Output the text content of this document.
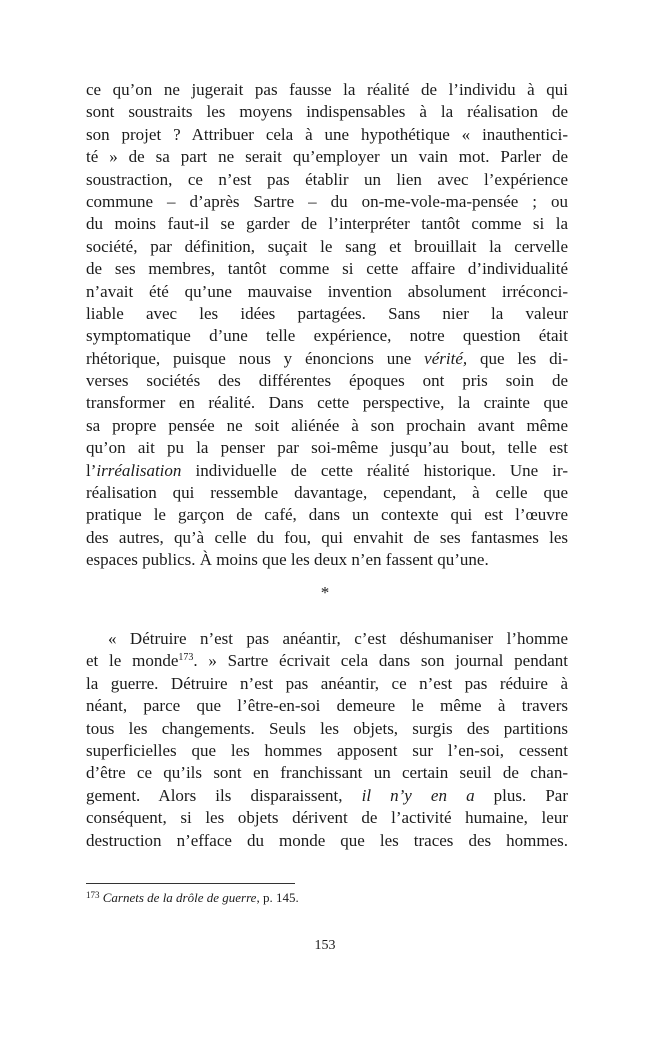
ce qu’on ne jugerait pas fausse la réalité de l’individu à qui
sont soustraits les moyens indispensables à la réalisation de
son projet ? Attribuer cela à une hypothétique « inauthentici-
té » de sa part ne serait qu’employer un vain mot. Parler de
soustraction, ce n’est pas établir un lien avec l’expérience
commune – d’après Sartre – du on-me-vole-ma-pensée ; ou
du moins faut-il se garder de l’interpréter tantôt comme si la
société, par définition, suçait le sang et brouillait la cervelle
de ses membres, tantôt comme si cette affaire d’individualité
n’avait été qu’une mauvaise invention absolument irréconci-
liable avec les idées partagées. Sans nier la valeur
symptomatique d’une telle expérience, notre question était
rhétorique, puisque nous y énoncions une vérité, que les di-
verses sociétés des différentes époques ont pris soin de
transformer en réalité. Dans cette perspective, la crainte que
sa propre pensée ne soit aliénée à son prochain avant même
qu’on ait pu la penser par soi-même jusqu’au bout, telle est
l’irréalisation individuelle de cette réalité historique. Une ir-
réalisation qui ressemble davantage, cependant, à celle que
pratique le garçon de café, dans un contexte qui est l’œuvre
des autres, qu’à celle du fou, qui envahit de ses fantasmes les
espaces publics. À moins que les deux n’en fassent qu’une.
*
« Détruire n’est pas anéantir, c’est déshumaniser l’homme
et le monde$^{173}$. » Sartre écrivait cela dans son journal pendant
la guerre. Détruire n’est pas anéantir, ce n’est pas réduire à
néant, parce que l’être-en-soi demeure le même à travers
tous les changements. Seuls les objets, surgis des partitions
superficielles que les hommes apposent sur l’en-soi, cessent
d’être ce qu’ils sont en franchissant un certain seuil de chan-
gement. Alors ils disparaissent, il n’y en a plus. Par
conséquent, si les objets dérivent de l’activité humaine, leur
destruction n’efface du monde que les traces des hommes.
$^{173}$ Carnets de la drôle de guerre, p. 145.
153
